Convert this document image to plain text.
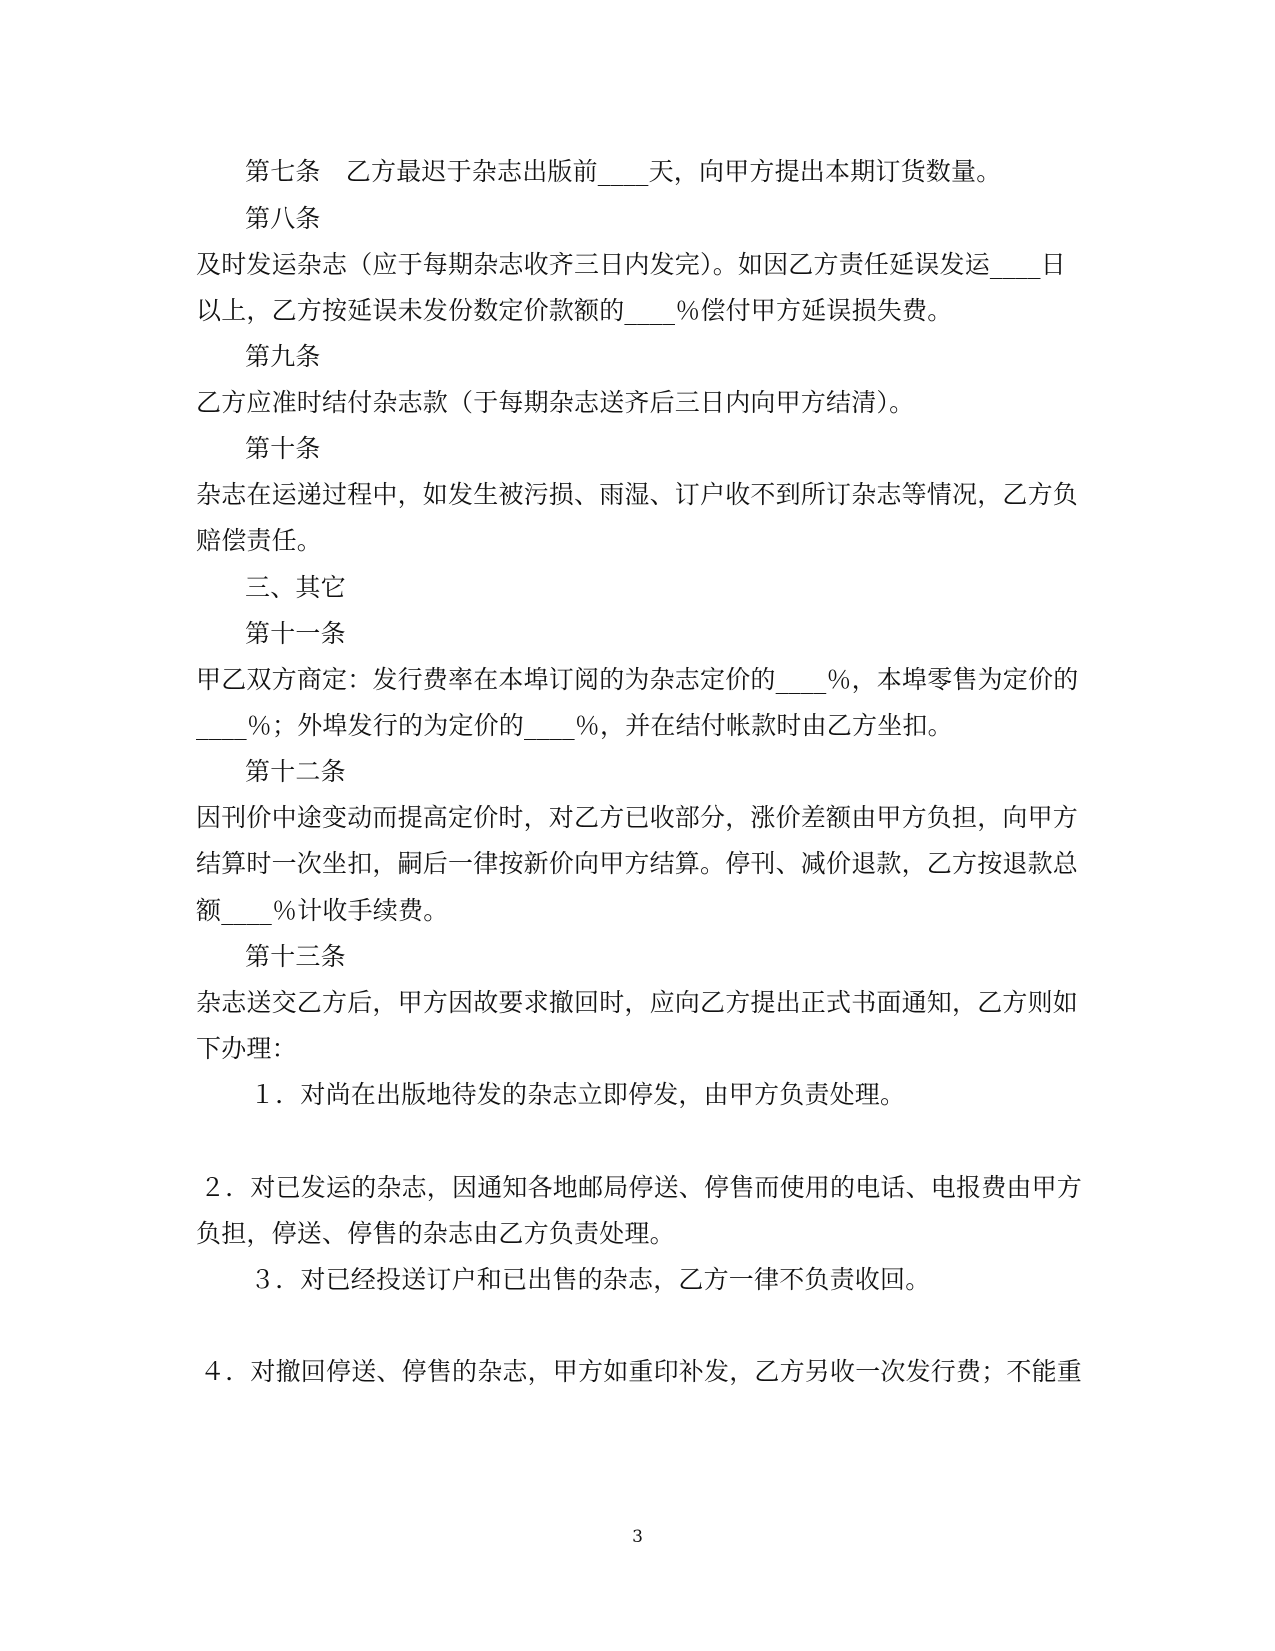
第七条　乙方最迟于杂志出版前____天，向甲方提出本期订货数量。
第八条
及时发运杂志（应于每期杂志收齐三日内发完）。如因乙方责任延误发运____日
以上，乙方按延误未发份数定价款额的____％偿付甲方延误损失费。
第九条
乙方应准时结付杂志款（于每期杂志送齐后三日内向甲方结清）。
第十条
杂志在运递过程中，如发生被污损、雨湿、订户收不到所订杂志等情况，乙方负
赔偿责任。
三、其它
第十一条
甲乙双方商定：发行费率在本埠订阅的为杂志定价的____％，本埠零售为定价的
____％；外埠发行的为定价的____％，并在结付帐款时由乙方坐扣。
第十二条
因刊价中途变动而提高定价时，对乙方已收部分，涨价差额由甲方负担，向甲方
结算时一次坐扣，嗣后一律按新价向甲方结算。停刊、减价退款，乙方按退款总
额____％计收手续费。
第十三条
杂志送交乙方后，甲方因故要求撤回时，应向乙方提出正式书面通知，乙方则如
下办理：
１．对尚在出版地待发的杂志立即停发，由甲方负责处理。
２．对已发运的杂志，因通知各地邮局停送、停售而使用的电话、电报费由甲方
负担，停送、停售的杂志由乙方负责处理。
３．对已经投送订户和已出售的杂志，乙方一律不负责收回。
４．对撤回停送、停售的杂志，甲方如重印补发，乙方另收一次发行费；不能重
3
